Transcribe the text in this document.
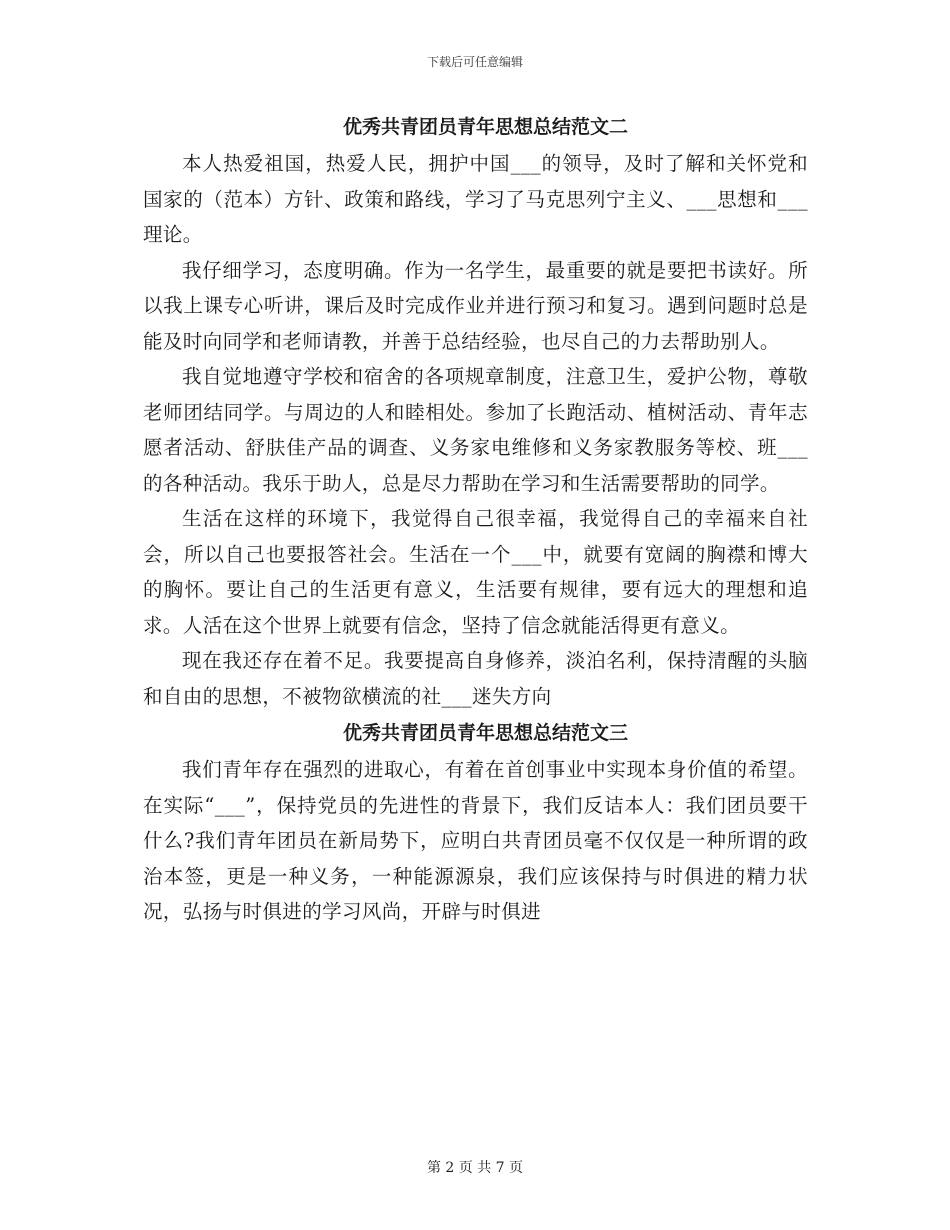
下载后可任意编辑
优秀共青团员青年思想总结范文二

本人热爱祖国，热爱人民，拥护中国___的领导，及时了解和关怀党和国家的（范本）方针、政策和路线，学习了马克思列宁主义、___思想和___理论。

我仔细学习，态度明确。作为一名学生，最重要的就是要把书读好。所以我上课专心听讲，课后及时完成作业并进行预习和复习。遇到问题时总是能及时向同学和老师请教，并善于总结经验，也尽自己的力去帮助别人。

我自觉地遵守学校和宿舍的各项规章制度，注意卫生，爱护公物，尊敬老师团结同学。与周边的人和睦相处。参加了长跑活动、植树活动、青年志愿者活动、舒肤佳产品的调查、义务家电维修和义务家教服务等校、班___的各种活动。我乐于助人，总是尽力帮助在学习和生活需要帮助的同学。

生活在这样的环境下，我觉得自己很幸福，我觉得自己的幸福来自社会，所以自己也要报答社会。生活在一个___中，就要有宽阔的胸襟和博大的胸怀。要让自己的生活更有意义，生活要有规律，要有远大的理想和追求。人活在这个世界上就要有信念，坚持了信念就能活得更有意义。

现在我还存在着不足。我要提高自身修养，淡泊名利，保持清醒的头脑和自由的思想，不被物欲横流的社___迷失方向

优秀共青团员青年思想总结范文三

我们青年存在强烈的进取心，有着在首创事业中实现本身价值的希望。在实际“___”，保持党员的先进性的背景下，我们反诘本人：我们团员要干什么?我们青年团员在新局势下，应明白共青团员毫不仅仅是一种所谓的政治本签，更是一种义务，一种能源源泉，我们应该保持与时俱进的精力状况，弘扬与时俱进的学习风尚，开辟与时俱进

第 2 页 共 7 页
